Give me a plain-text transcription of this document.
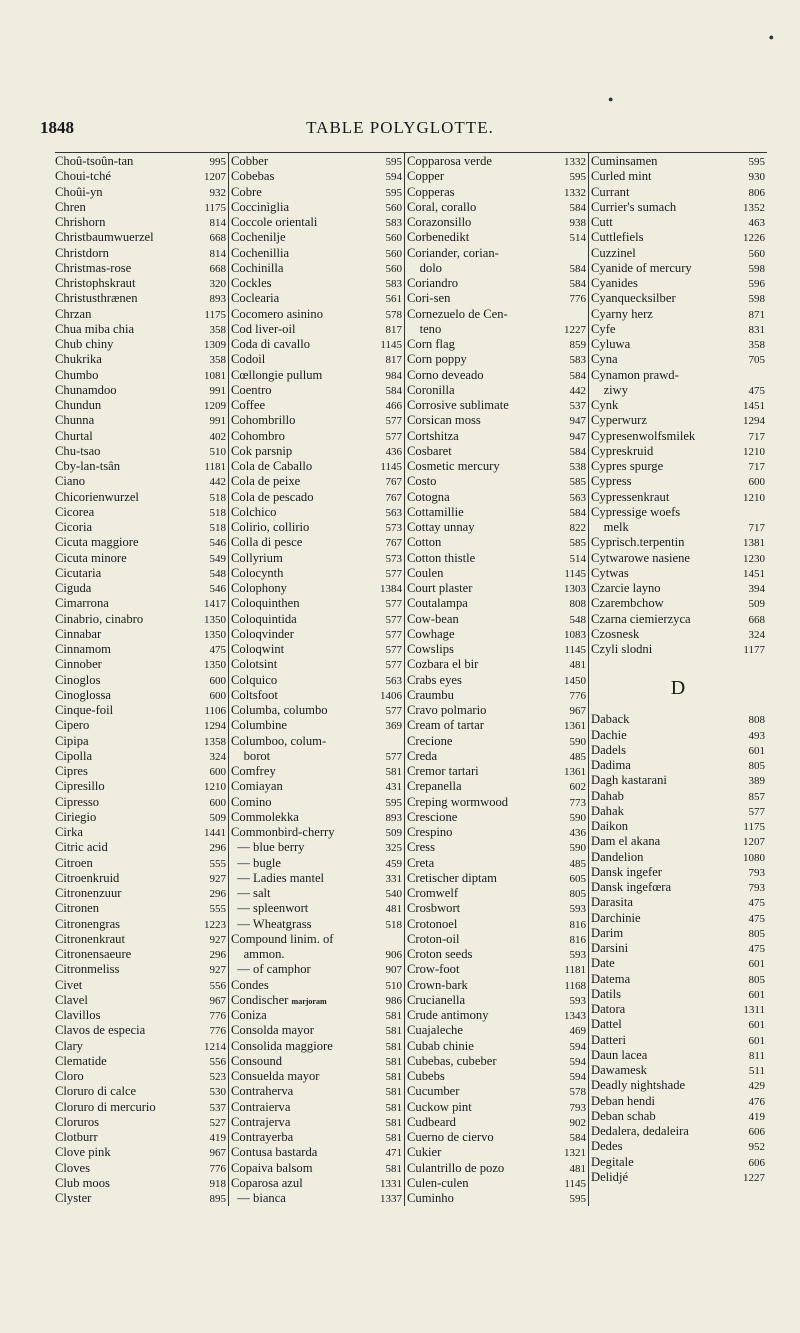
●
●
1848	TABLE POLYGLOTTE.
Choû-tsoûn-tan	995
Choui-tché	1207
Choûi-yn	932
Chren	1175
Chrishorn	814
Christbaumwuerzel	668
Christdorn	814
Christmas-rose	668
Christophskraut	320
Christusthrænen	893
Chrzan	1175
Chua miba chia	358
Chub chiny	1309
Chukrika	358
Chumbo	1081
Chunamdoo	991
Chundun	1209
Chunna	991
Churtal	402
Chu-tsao	510
Cby-lan-tsân	1181
Ciano	442
Chicorienwurzel	518
Cicorea	518
Cicoria	518
Cicuta maggiore	546
Cicuta minore	549
Cicutaria	548
Ciguda	546
Cimarrona	1417
Cinabrio, cinabro	1350
Cinnabar	1350
Cinnamom	475
Cinnober	1350
Cinoglos	600
Cinoglossa	600
Cinque-foil	1106
Cipero	1294
Cipipa	1358
Cipolla	324
Cipres	600
Cipresillo	1210
Cipresso	600
Ciriegio	509
Cirka	1441
Citric acid	296
Citroen	555
Citroenkruid	927
Citronenzuur	296
Citronen	555
Citronengras	1223
Citronenkraut	927
Citronensaeure	296
Citronmeliss	927
Civet	556
Clavel	967
Clavillos	776
Clavos de especia	776
Clary	1214
Clematide	556
Cloro	523
Cloruro di calce	530
Cloruro di mercurio	537
Cloruros	527
Clotburr	419
Clove pink	967
Cloves	776
Club moos	918
Clyster	895
Cobber	595
Cobebas	594
Cobre	595
Coccinìglia	560
Coccole orientali	583
Cochenilje	560
Cochenillia	560
Cochinilla	560
Cockles	583
Coclearia	561
Cocomero asinino	578
Cod liver-oil	817
Coda di cavallo	1145
Codoil	817
Cœllongie pullum	984
Coentro	584
Coffee	466
Cohombrillo	577
Cohombro	577
Cok parsnip	436
Cola de Caballo	1145
Cola de peixe	767
Cola de pescado	767
Colchico	563
Colirio, collirio	573
Colla di pesce	767
Collyrium	573
Colocynth	577
Colophony	1384
Coloquinthen	577
Coloquintida	577
Coloqvinder	577
Coloqwint	577
Colotsint	577
Colquico	563
Coltsfoot	1406
Columba, columbo	577
Columbine	369
Columboo, colum-
borot	577
Comfrey	581
Comiayan	431
Comino	595
Commolekka	893
Commonbird-cherry	509
— blue berry	325
— bugle	459
— Ladies mantel	331
— salt	540
— spleenwort	481
— Wheatgrass	518
Compound linim. of
ammon.	906
— of camphor	907
Condes	510
Condischer marjoram	986
Coniza	581
Consolda mayor	581
Consolida maggiore	581
Consound	581
Consuelda mayor	581
Contraherva	581
Contraierva	581
Contrajerva	581
Contrayerba	581
Contusa bastarda	471
Copaiva balsom	581
Coparosa azul	1331
— bianca	1337
Copparosa verde	1332
Copper	595
Copperas	1332
Coral, corallo	584
Corazonsillo	938
Corbenedikt	514
Coriander, corian-
dolo	584
Coriandro	584
Cori-sen	776
Cornezuelo de Cen-
teno	1227
Corn flag	859
Corn poppy	583
Corno deveado	584
Coronilla	442
Corrosive sublimate	537
Corsican moss	947
Cortshitza	947
Cosbaret	584
Cosmetic mercury	538
Costo	585
Cotogna	563
Cottamillie	584
Cottay unnay	822
Cotton	585
Cotton thistle	514
Coulen	1145
Court plaster	1303
Coutalampa	808
Cow-bean	548
Cowhage	1083
Cowslips	1145
Cozbara el bir	481
Crabs eyes	1450
Craumbu	776
Cravo polmario	967
Cream of tartar	1361
Crecione	590
Creda	485
Cremor tartari	1361
Crepanella	602
Creping wormwood	773
Crescione	590
Crespino	436
Cress	590
Creta	485
Cretischer diptam	605
Cromwelf	805
Crosbwort	593
Crotonoel	816
Croton-oil	816
Croton seeds	593
Crow-foot	1181
Crown-bark	1168
Crucianella	593
Crude antimony	1343
Cuajaleche	469
Cubab chinie	594
Cubebas, cubeber	594
Cubebs	594
Cucumber	578
Cuckow pint	793
Cudbeard	902
Cuerno de ciervo	584
Cukier	1321
Culantrillo de pozo	481
Culen-culen	1145
Cuminho	595
Cuminsamen	595
Curled mint	930
Currant	806
Currier's sumach	1352
Cutt	463
Cuttlefiels	1226
Cuzzinel	560
Cyanide of mercury	598
Cyanides	596
Cyanquecksilber	598
Cyarny herz	871
Cyfe	831
Cyluwa	358
Cyna	705
Cynamon prawd-
ziwy	475
Cynk	1451
Cyperwurz	1294
Cypresenwolfsmilek	717
Cypreskruid	1210
Cypres spurge	717
Cypress	600
Cypressenkraut	1210
Cypressige woefs
melk	717
Cyprisch.terpentin	1381
Cytwarowe nasiene	1230
Cytwas	1451
Czarcie layno	394
Czarembchow	509
Czarna ciemierzyca	668
Czosnesk	324
Czyli slodni	1177
D
Daback	808
Dachie	493
Dadels	601
Dadima	805
Dagh kastarani	389
Dahab	857
Dahak	577
Daikon	1175
Dam el akana	1207
Dandelion	1080
Dansk ingefer	793
Dansk ingefœra	793
Darasita	475
Darchinie	475
Darim	805
Darsini	475
Date	601
Datema	805
Datils	601
Datora	1311
Dattel	601
Datteri	601
Daun lacea	811
Dawamesk	511
Deadly nightshade	429
Deban hendi	476
Deban schab	419
Dedalera, dedaleira	606
Dedes	952
Degitale	606
Delidjé	1227
